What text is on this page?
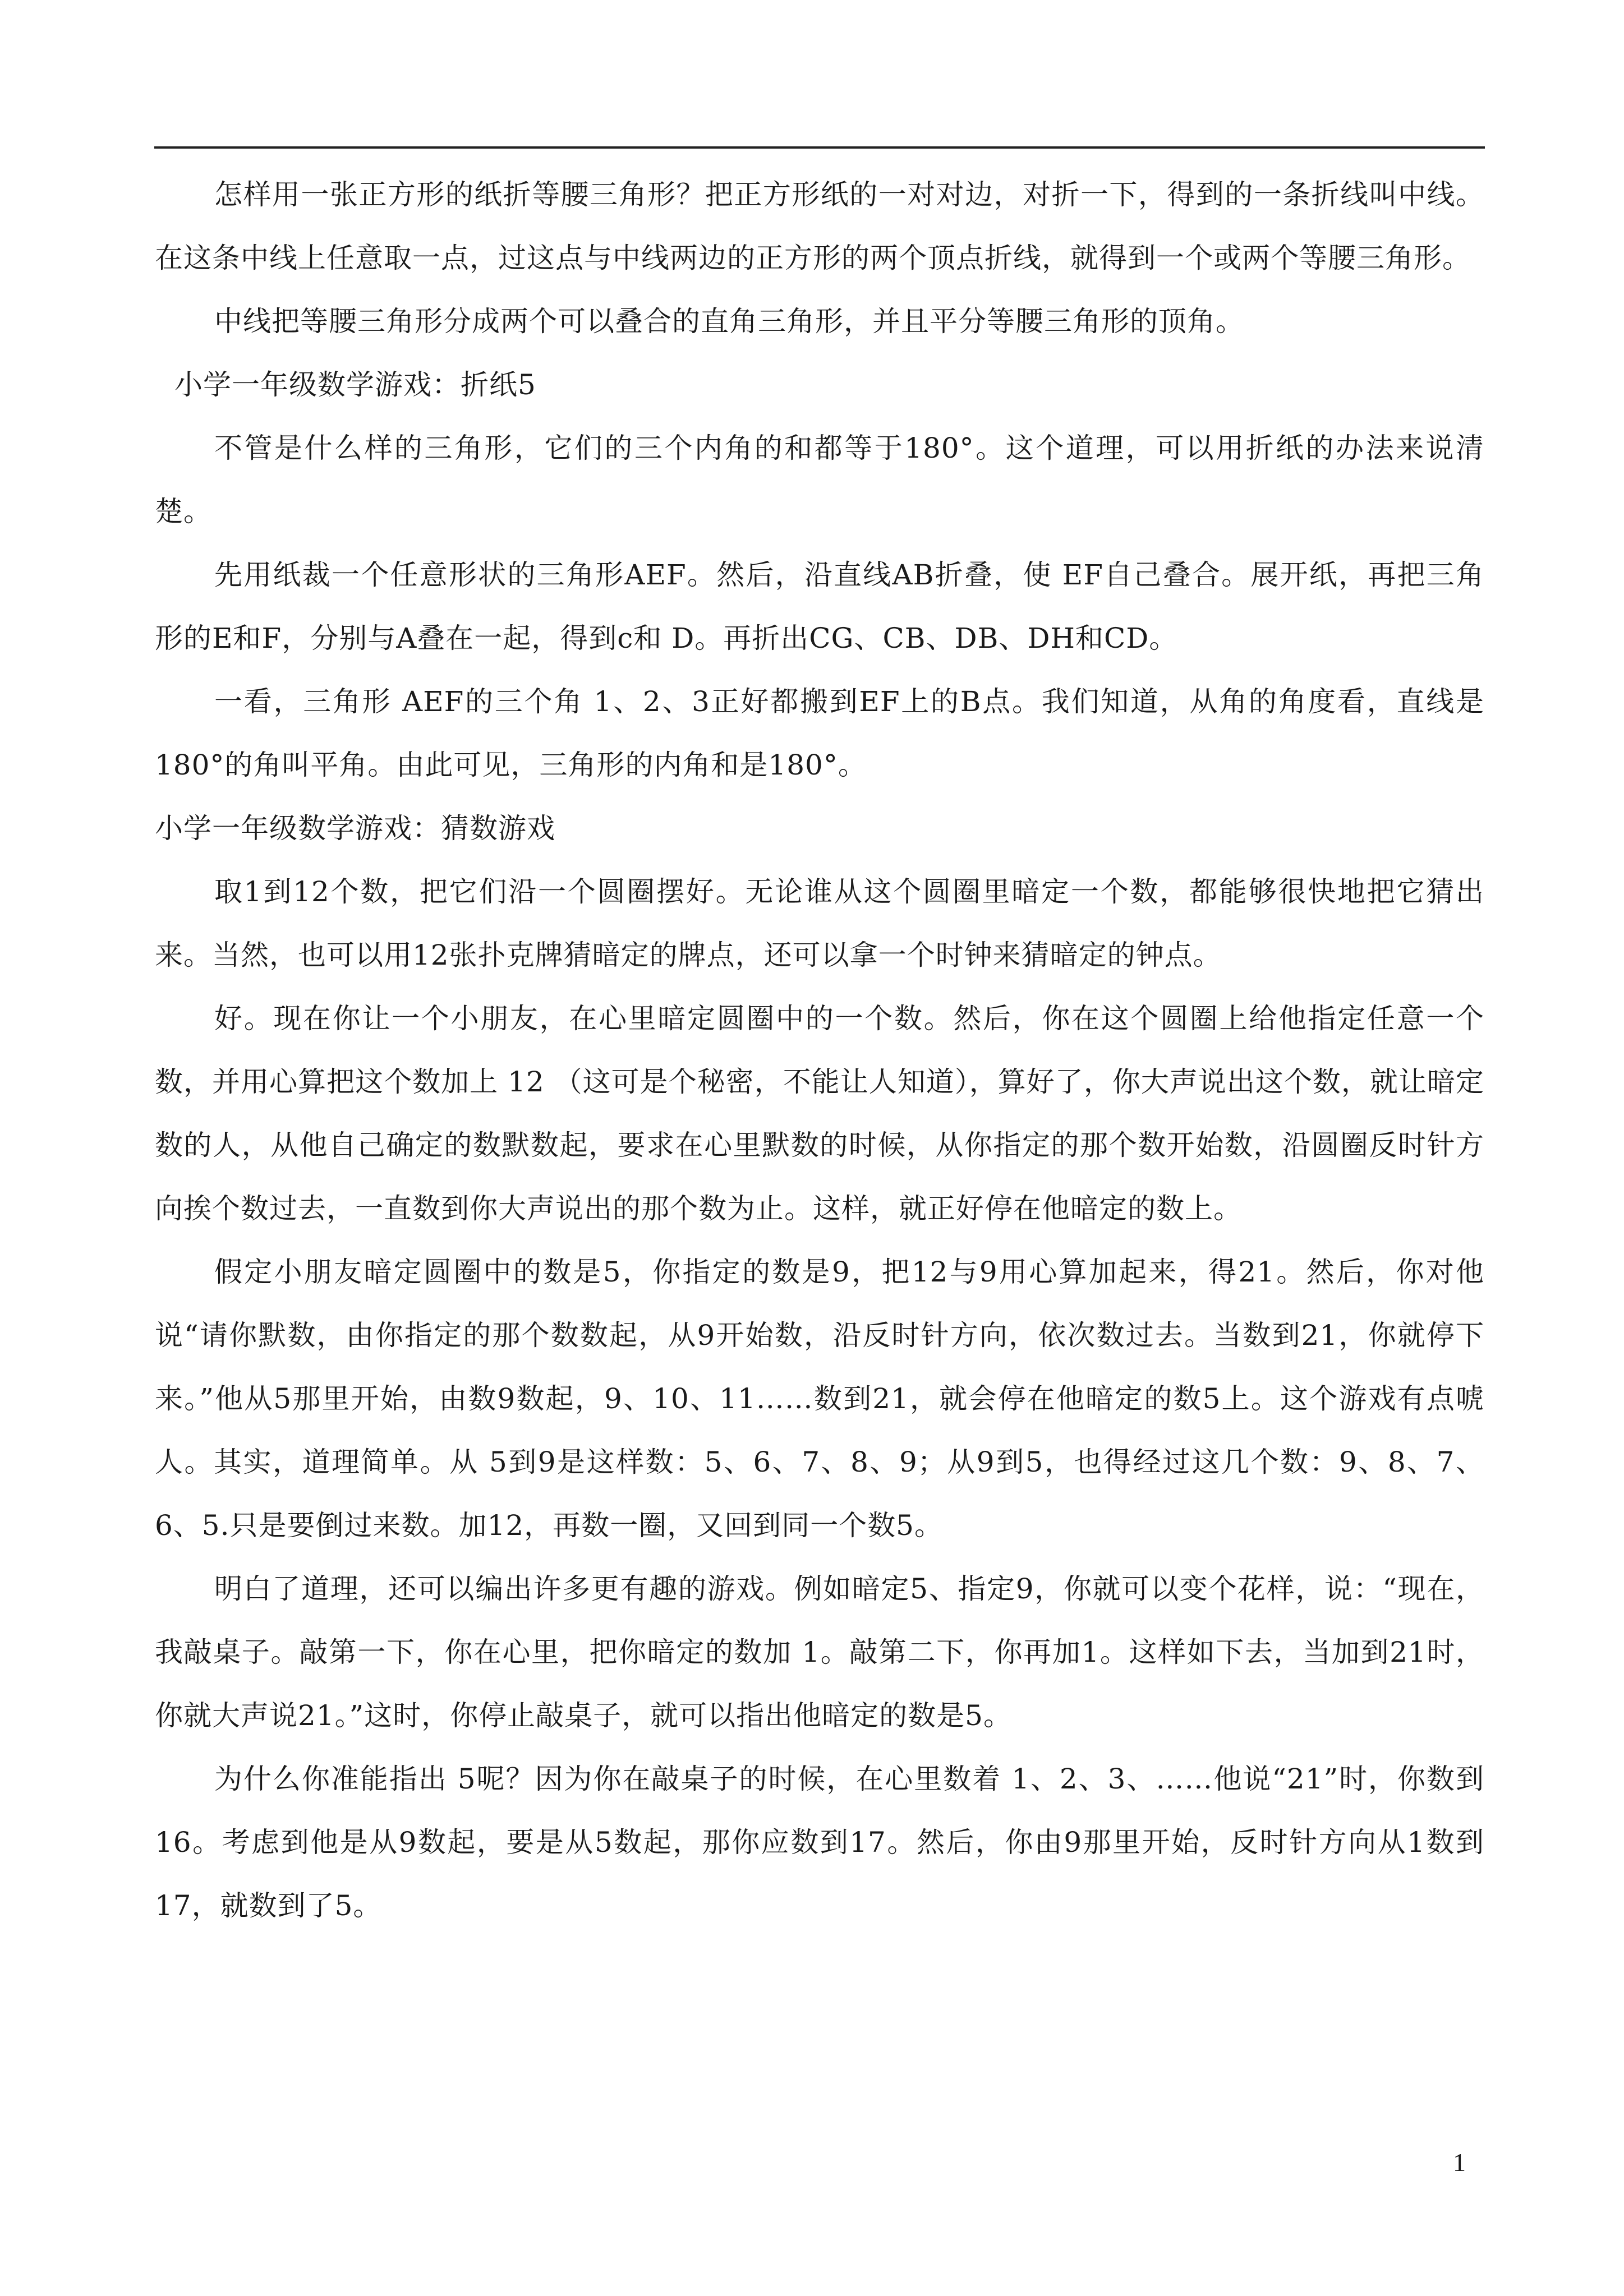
怎样用一张正方形的纸折等腰三角形？把正方形纸的一对对边，对折一下，得到的一条折线叫中线。在这条中线上任意取一点，过这点与中线两边的正方形的两个顶点折线，就得到一个或两个等腰三角形。

中线把等腰三角形分成两个可以叠合的直角三角形，并且平分等腰三角形的顶角。

小学一年级数学游戏：折纸5

不管是什么样的三角形，它们的三个内角的和都等于180°。这个道理，可以用折纸的办法来说清楚。

先用纸裁一个任意形状的三角形AEF。然后，沿直线AB折叠，使 EF自己叠合。展开纸，再把三角形的E和F，分别与A叠在一起，得到c和 D。再折出CG、CB、DB、DH和CD。

一看，三角形 AEF的三个角 1、2、3正好都搬到EF上的B点。我们知道，从角的角度看，直线是180°的角叫平角。由此可见，三角形的内角和是180°。

小学一年级数学游戏：猜数游戏

取1到12个数，把它们沿一个圆圈摆好。无论谁从这个圆圈里暗定一个数，都能够很快地把它猜出来。当然，也可以用12张扑克牌猜暗定的牌点，还可以拿一个时钟来猜暗定的钟点。

好。现在你让一个小朋友，在心里暗定圆圈中的一个数。然后，你在这个圆圈上给他指定任意一个数，并用心算把这个数加上 12 （这可是个秘密，不能让人知道），算好了，你大声说出这个数，就让暗定数的人，从他自己确定的数默数起，要求在心里默数的时候，从你指定的那个数开始数，沿圆圈反时针方向挨个数过去，一直数到你大声说出的那个数为止。这样，就正好停在他暗定的数上。

假定小朋友暗定圆圈中的数是5，你指定的数是9，把12与9用心算加起来，得21。然后，你对他说“请你默数，由你指定的那个数数起，从9开始数，沿反时针方向，依次数过去。当数到21，你就停下来。”他从5那里开始，由数9数起，9、10、11……数到21，就会停在他暗定的数5上。这个游戏有点唬人。其实，道理简单。从 5到9是这样数：5、6、7、8、9；从9到5，也得经过这几个数：9、8、7、6、5.只是要倒过来数。加12，再数一圈，又回到同一个数5。

明白了道理，还可以编出许多更有趣的游戏。例如暗定5、指定9，你就可以变个花样，说：“现在，我敲桌子。敲第一下，你在心里，把你暗定的数加 1。敲第二下，你再加1。这样如下去，当加到21时，你就大声说21。”这时，你停止敲桌子，就可以指出他暗定的数是5。

为什么你准能指出 5呢？因为你在敲桌子的时候，在心里数着 1、2、3、……他说“21”时，你数到16。考虑到他是从9数起，要是从5数起，那你应数到17。然后，你由9那里开始，反时针方向从1数到17，就数到了5。

1
